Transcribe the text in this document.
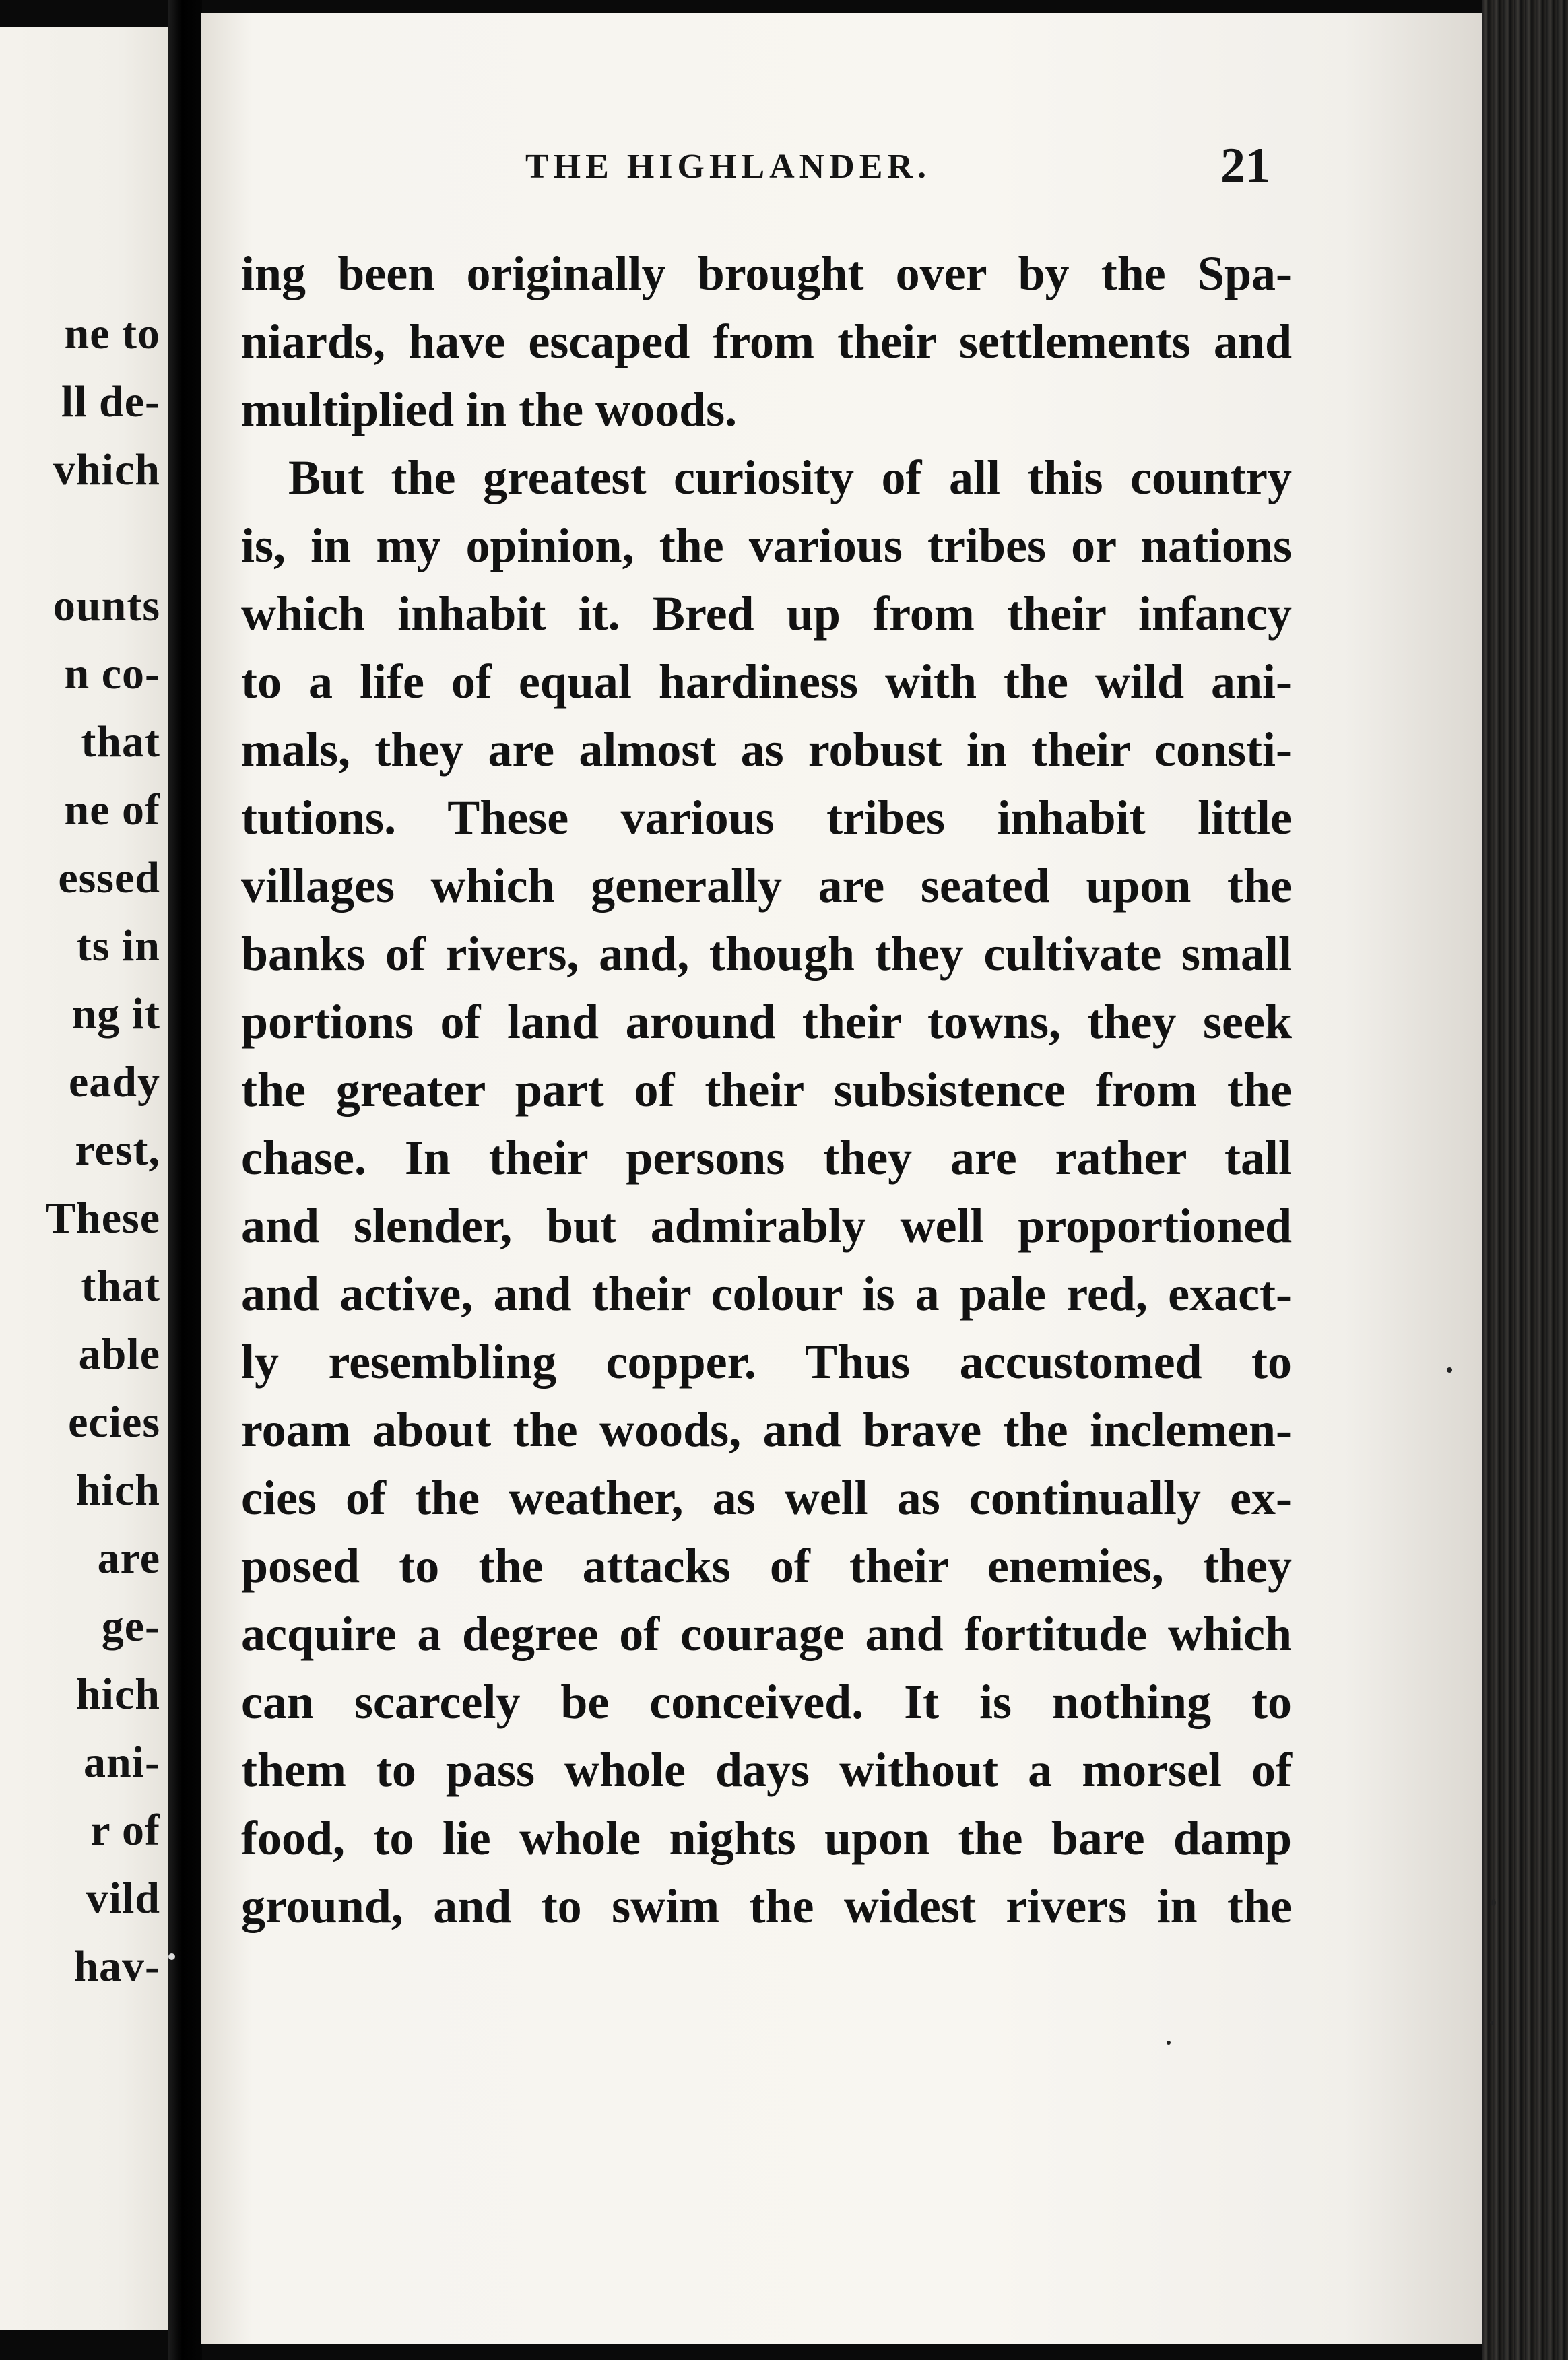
ne to
ll de-
vhich

ounts
n co-
that
ne of
essed
ts in
ng it
eady
rest,
These
that
able
ecies
hich
are
ge-
hich
ani-
r of
vild
hav-
THE HIGHLANDER.	21
ing been originally brought over by the Spa-
niards, have escaped from their settlements and
multiplied in the woods.
But the greatest curiosity of all this country
is, in my opinion, the various tribes or nations
which inhabit it. Bred up from their infancy
to a life of equal hardiness with the wild ani-
mals, they are almost as robust in their consti-
tutions. These various tribes inhabit little
villages which generally are seated upon the
banks of rivers, and, though they cultivate small
portions of land around their towns, they seek
the greater part of their subsistence from the
chase. In their persons they are rather tall
and slender, but admirably well proportioned
and active, and their colour is a pale red, exact-
ly resembling copper. Thus accustomed to
roam about the woods, and brave the inclemen-
cies of the weather, as well as continually ex-
posed to the attacks of their enemies, they
acquire a degree of courage and fortitude which
can scarcely be conceived. It is nothing to
them to pass whole days without a morsel of
food, to lie whole nights upon the bare damp
ground, and to swim the widest rivers in the
